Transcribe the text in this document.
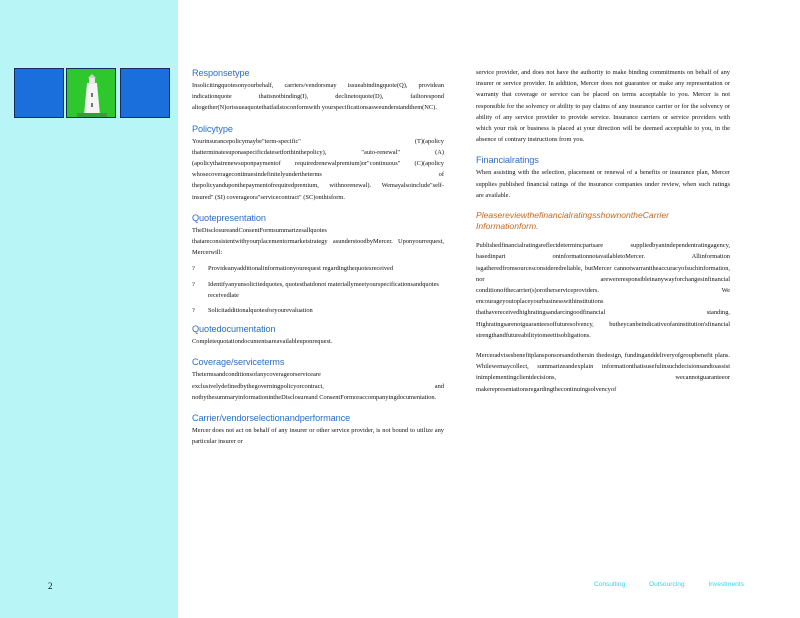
2
Responsetype
Insolicitingquotesonyourbehalf, carriers/vendorsmay issueabindingquote(Q), providean indicationquote thatisnotbinding(I), declinetoquote(D), failtorespond altogether(N)orissueaquotethatfailstoconformwith yourspecificationsasweunderstandthem(NC).
Policytype
Yourinsurancepolicymaybe"term-specific" (T)(apolicy thatterminatesuponaspecificdatesetforthinthepolicy), "auto-renewal" (A)(apolicythatrenewsuponpaymentof requiredrenewalpremium)or"continuous" (C)(apolicy whosecoveragecontinuesindefinitelyundertheterms of thepolicyanduponthepaymentofrequiredpremium, withnorenewal). Wemayalsoinclude"self-insured" (SI) coverageora"servicecontract" (SC)onthisform.
Quotepresentation
TheDisclosureandConsentFormsummarizesallquotes thatareconsistentwithyourplacementormarketstrategy asunderstoodbyMercer. Uponyourrequest, Mercerwill:
? Provideanyadditionalinformationyourequest regardingthequotesreceived
? Identifyanyunsolicitedquotes, quotesthatdonot materiallymeetyourspecificationsandquotes receivedlate
? Solicitadditionalquotesforyourevaluation
Quotedocumentation
Completequotationdocumentsareavailableuponrequest.
Coverage/serviceterms
Thetermsandconditionsofanycoverageorserviceare exclusivelydefinedbythegoverningpolicyorcontract, and notbythesummaryinformationintheDisclosureand ConsentFormoraccompanyingdocumentation.
Carrier/vendorselectionandperformance
Mercer does not act on behalf of any insurer or other service provider, is not bound to utilize any particular insurer or
service provider, and does not have the authority to make binding commitments on behalf of any insurer or service provider. In addition, Mercer does not guarantee or make any representation or warranty that coverage or service can be placed on terms acceptable to you. Mercer is not responsible for the solvency or ability to pay claims of any insurance carrier or for the solvency or ability of any service provider to provide service. Insurance carriers or service providers with which your risk or business is placed at your direction will be deemed acceptable to you, in the absence of contrary instructions from you.
Financialratings
When assisting with the selection, placement or renewal of a benefits or insurance plan, Mercer supplies published financial ratings of the insurance companies under review, when such ratings are available.
PleasereviewthefinancialratingsshownontheCarrier Informationform.
Publishedfinancialratingsreflectdetermincpartsare suppliedbyanindependentratingagency, basedinpart oninformationnotavailabletoMercer. Allinformation isgatheredfromsourcesconsideredreliable, butMercer cannotwarranttheaccuracyofsuchinformation, nor arewereresponsibleinanywayforchangesinfinancial conditionofthecarrier(s)orotherserviceproviders. We encourageyoutoplaceyourbusinesswithinstitutions thathavereceivedhighratingsandarcingoodfinancial standing. Highratingsarenotguaranteesoffuturesolvency, butheycanbeindicativeofaninstitution'sfinancial strengthandfutureabilitytomeetitsobligations.
Merceradvisesbenefitplansponsorsandothersin thedesign, fundinganddeliveryofgroupbenefit plans. Whilewemaycollect, summarizeandexplain informationthatisusefulinsuchdecisionsandtoassist inimplementingclientdecisions, wecannotguaranteeor makerepresentationsregardingthecontinuingsolvencyof
Consulting	Outsourcing	Investments
